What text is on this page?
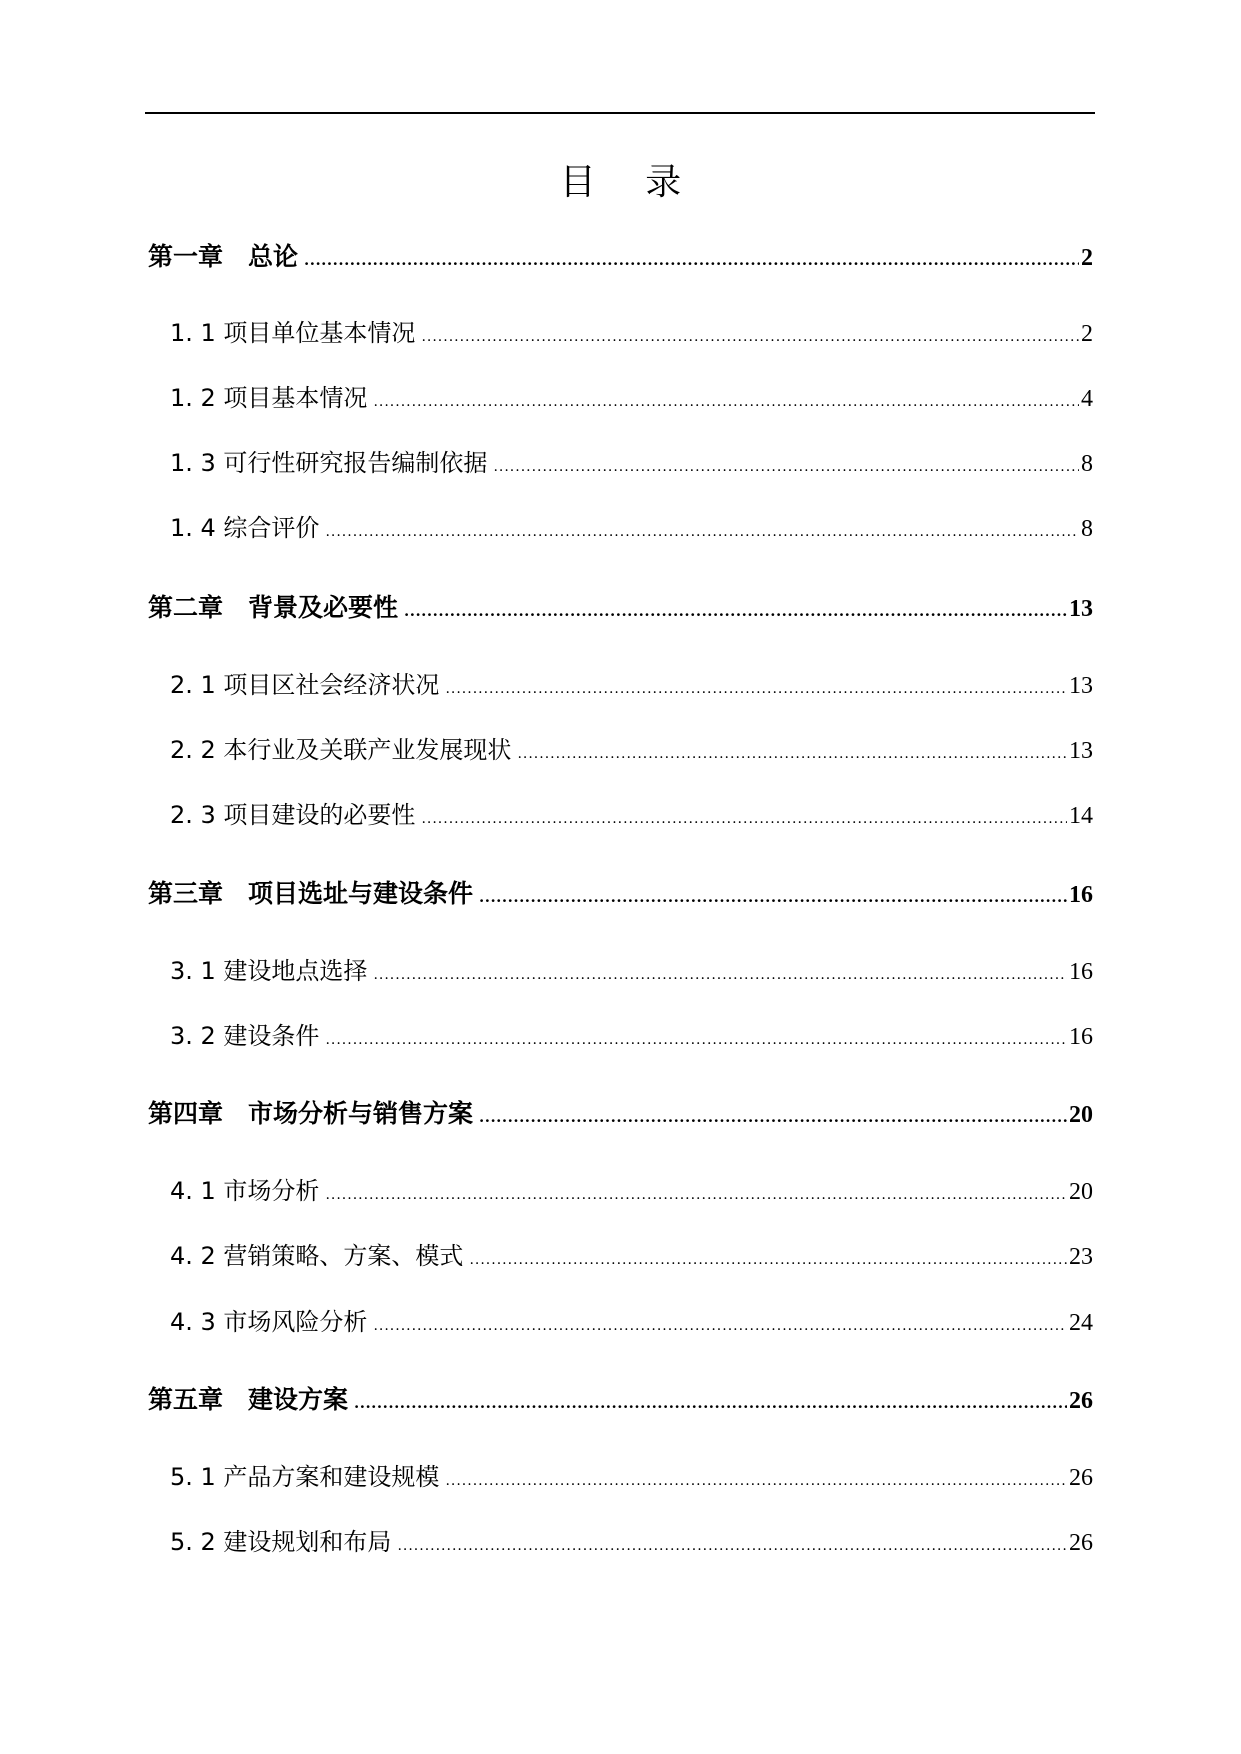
目 录
第一章　总论 .....	2
1. 1 项目单位基本情况 .....	2
1. 2 项目基本情况 .....	4
1. 3 可行性研究报告编制依据 .....	8
1. 4 综合评价 .....	8
第二章　背景及必要性 .....	13
2. 1 项目区社会经济状况 .....	13
2. 2 本行业及关联产业发展现状 .....	13
2. 3 项目建设的必要性 .....	14
第三章　项目选址与建设条件 .....	16
3. 1 建设地点选择 .....	16
3. 2 建设条件 .....	16
第四章　市场分析与销售方案 .....	20
4. 1 市场分析 .....	20
4. 2 营销策略、方案、模式 .....	23
4. 3 市场风险分析 .....	24
第五章　建设方案 .....	26
5. 1 产品方案和建设规模 .....	26
5. 2 建设规划和布局 .....	26
